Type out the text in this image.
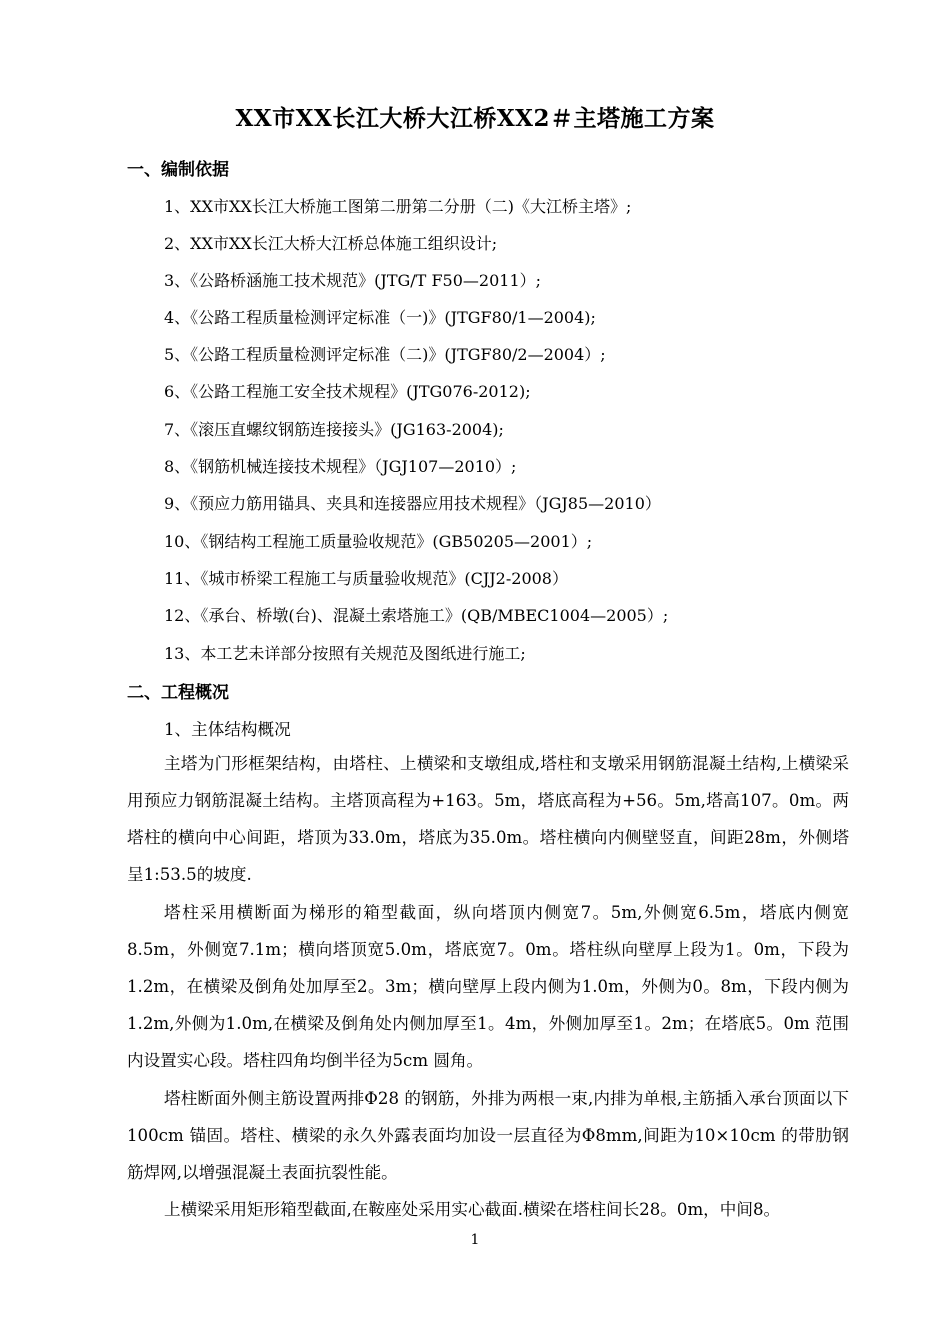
XX市XX长江大桥大江桥XX2＃主塔施工方案
一、编制依据
1、XX市XX长江大桥施工图第二册第二分册（二)《大江桥主塔》;
2、XX市XX长江大桥大江桥总体施工组织设计;
3、《公路桥涵施工技术规范》(JTG/T F50—2011）;
4、《公路工程质量检测评定标准（一)》(JTGF80/1—2004);
5、《公路工程质量检测评定标准（二)》(JTGF80/2—2004）;
6、《公路工程施工安全技术规程》(JTG076-2012);
7、《滚压直螺纹钢筋连接接头》(JG163-2004);
8、《钢筋机械连接技术规程》（JGJ107—2010）;
9、《预应力筋用锚具、夹具和连接器应用技术规程》（JGJ85—2010）
10、《钢结构工程施工质量验收规范》(GB50205—2001）;
11、《城市桥梁工程施工与质量验收规范》(CJJ2-2008）
12、《承台、桥墩(台)、混凝土索塔施工》(QB/MBEC1004—2005）;
13、本工艺未详部分按照有关规范及图纸进行施工;
二、工程概况
1、主体结构概况

主塔为门形框架结构，由塔柱、上横梁和支墩组成,塔柱和支墩采用钢筋混凝土结构,上横梁采用预应力钢筋混凝土结构。主塔顶高程为+163。5m，塔底高程为+56。5m,塔高107。0m。两塔柱的横向中心间距，塔顶为33.0m，塔底为35.0m。塔柱横向内侧壁竖直，间距28m，外侧塔呈1:53.5的坡度.

塔柱采用横断面为梯形的箱型截面，纵向塔顶内侧宽7。5m,外侧宽6.5m，塔底内侧宽8.5m，外侧宽7.1m；横向塔顶宽5.0m，塔底宽7。0m。塔柱纵向壁厚上段为1。0m，下段为1.2m，在横梁及倒角处加厚至2。3m；横向壁厚上段内侧为1.0m，外侧为0。8m，下段内侧为1.2m,外侧为1.0m,在横梁及倒角处内侧加厚至1。4m，外侧加厚至1。2m；在塔底5。0m 范围内设置实心段。塔柱四角均倒半径为5cm 圆角。

塔柱断面外侧主筋设置两排Φ28 的钢筋，外排为两根一束,内排为单根,主筋插入承台顶面以下100cm 锚固。塔柱、横梁的永久外露表面均加设一层直径为Φ8mm,间距为10×10cm 的带肋钢筋焊网,以增强混凝土表面抗裂性能。

上横梁采用矩形箱型截面,在鞍座处采用实心截面.横梁在塔柱间长28。0m，中间8。

1
